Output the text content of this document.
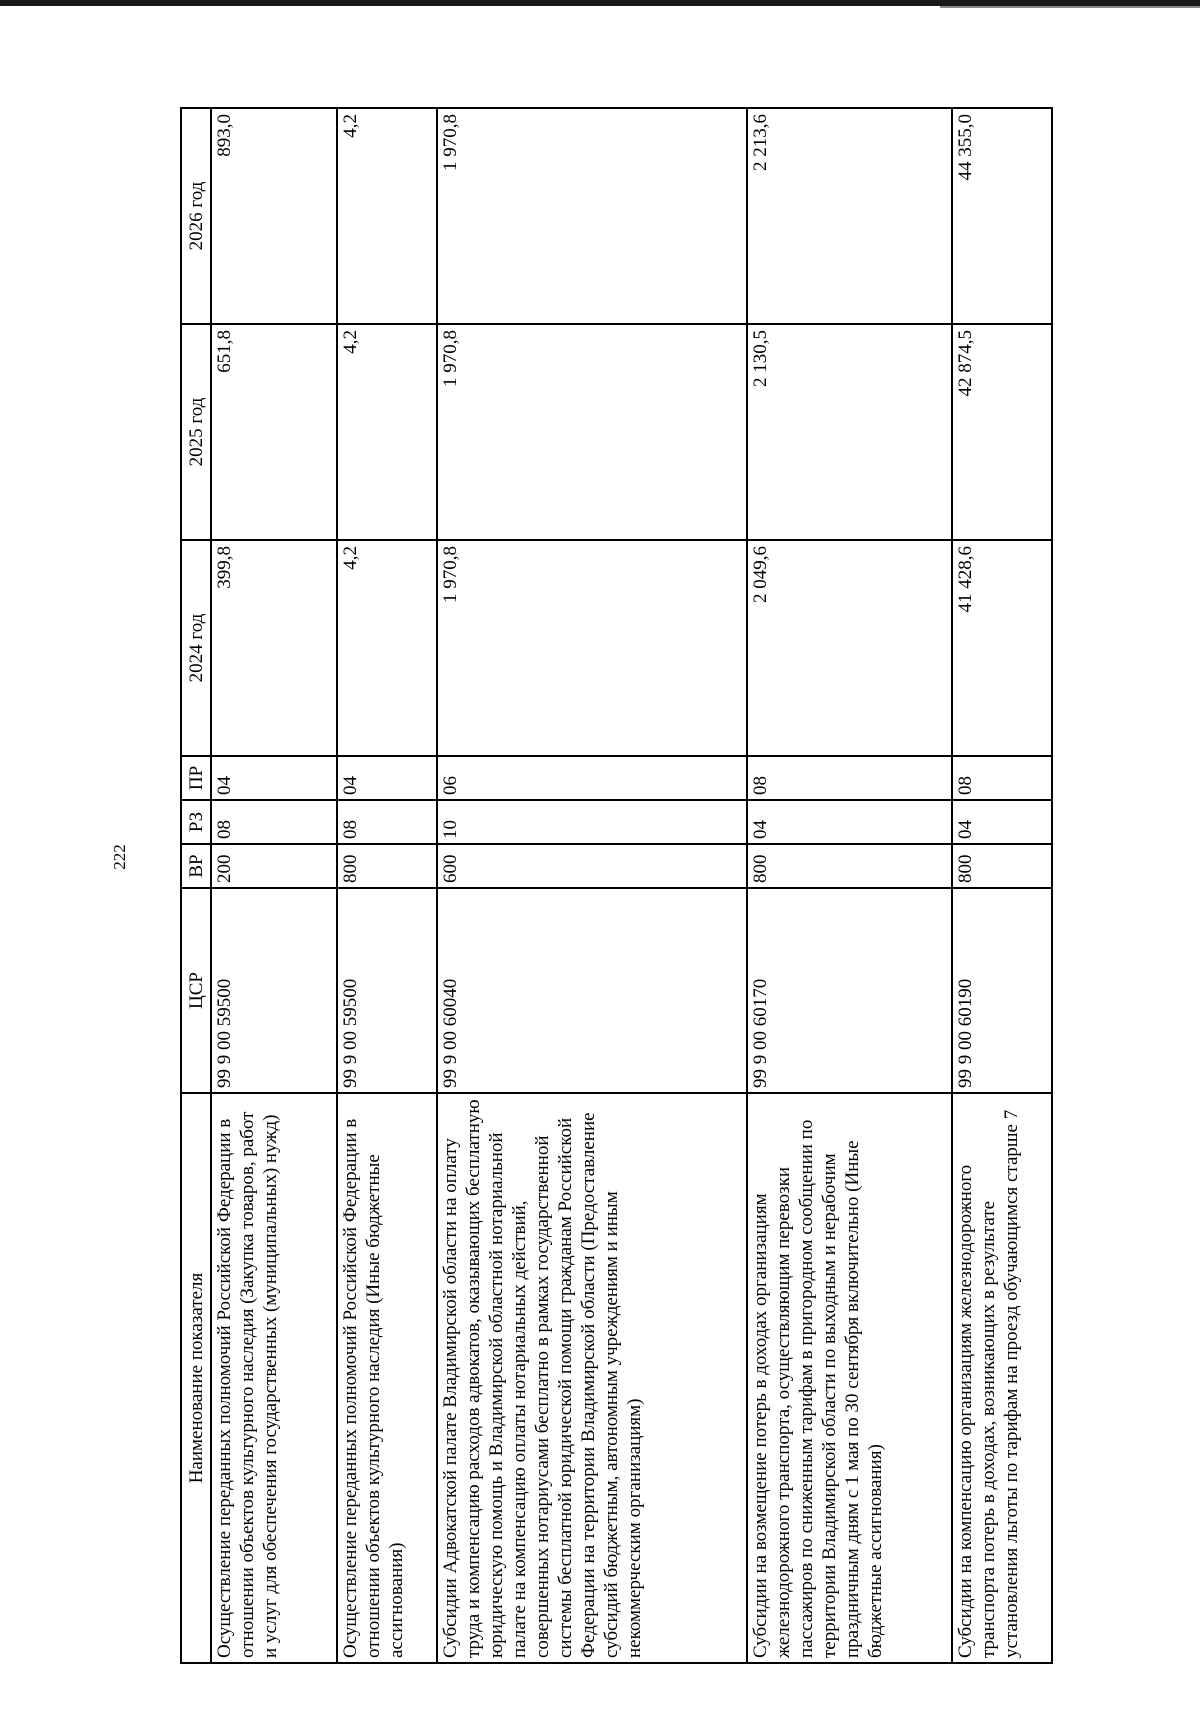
222
Наименование показателя	ЦСР	ВР	РЗ	ПР	2024 год	2025 год	2026 год
Осуществление переданных полномочий Российской Федерации в отношении объектов культурного наследия (Закупка товаров, работ и услуг для обеспечения государственных (муниципальных) нужд)	99 9 00 59500	200	08	04	399,8	651,8	893,0
Осуществление переданных полномочий Российской Федерации в отношении объектов культурного наследия (Иные бюджетные ассигнования)	99 9 00 59500	800	08	04	4,2	4,2	4,2
Субсидии Адвокатской палате Владимирской области на оплату труда и компенсацию расходов адвокатов, оказывающих бесплатную юридическую помощь и Владимирской областной нотариальной палате на компенсацию оплаты нотариальных действий, совершенных нотариусами бесплатно в рамках государственной системы бесплатной юридической помощи гражданам Российской Федерации на территории Владимирской области (Предоставление субсидий бюджетным, автономным учреждениям и иным некоммерческим организациям)	99 9 00 60040	600	10	06	1 970,8	1 970,8	1 970,8
Субсидии на возмещение потерь в доходах организациям железнодорожного транспорта, осуществляющим перевозки пассажиров по сниженным тарифам в пригородном сообщении по территории Владимирской области по выходным и нерабочим праздничным дням с 1 мая по 30 сентября включительно (Иные бюджетные ассигнования)	99 9 00 60170	800	04	08	2 049,6	2 130,5	2 213,6
Субсидии на компенсацию организациям железнодорожного транспорта потерь в доходах, возникающих в результате установления льготы по тарифам на проезд обучающимся старше 7	99 9 00 60190	800	04	08	41 428,6	42 874,5	44 355,0
